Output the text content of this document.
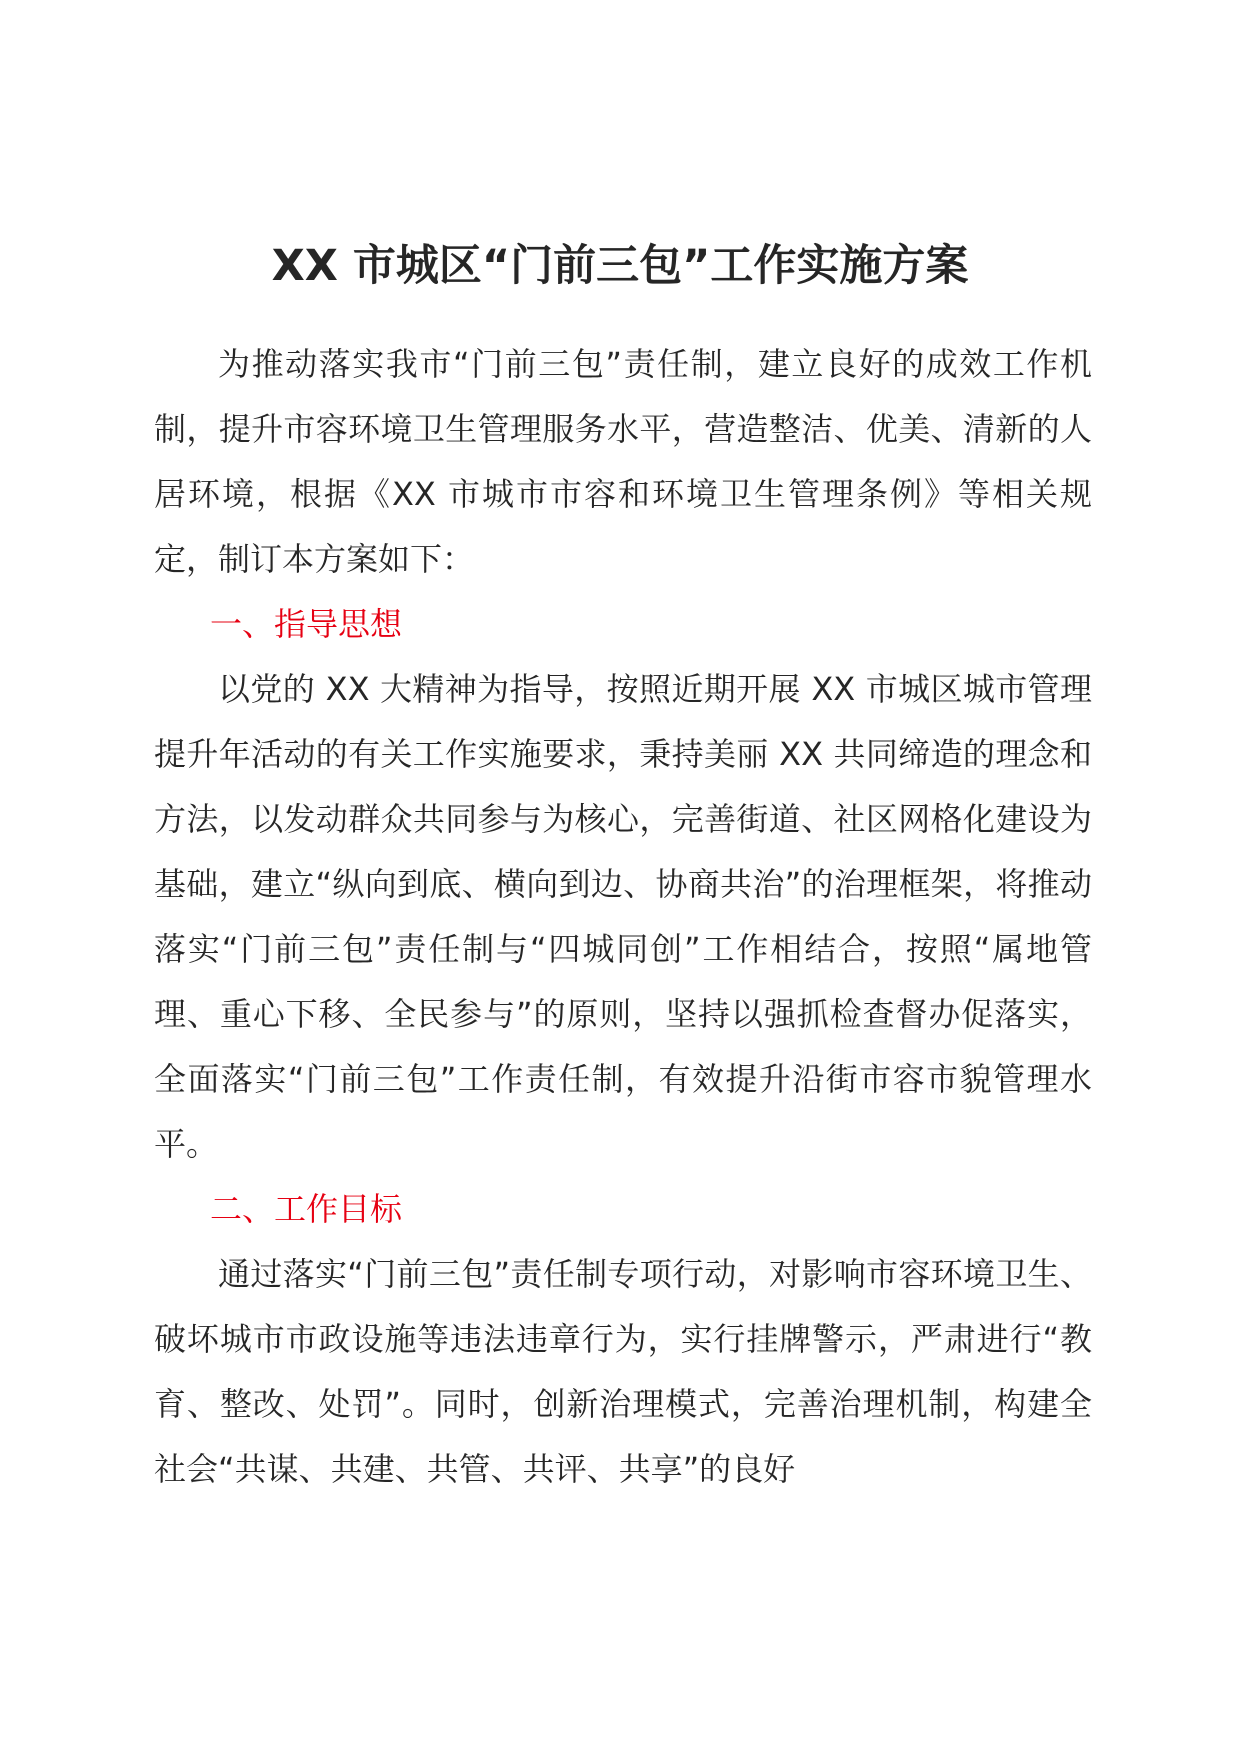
XX 市城区“门前三包”工作实施方案

为推动落实我市“门前三包”责任制，建立良好的成效工作机制，提升市容环境卫生管理服务水平，营造整洁、优美、清新的人居环境，根据《XX 市城市市容和环境卫生管理条例》等相关规定，制订本方案如下：

一、指导思想

以党的 XX 大精神为指导，按照近期开展 XX 市城区城市管理提升年活动的有关工作实施要求，秉持美丽 XX 共同缔造的理念和方法，以发动群众共同参与为核心，完善街道、社区网格化建设为基础，建立“纵向到底、横向到边、协商共治”的治理框架，将推动落实“门前三包”责任制与“四城同创”工作相结合，按照“属地管理、重心下移、全民参与”的原则，坚持以强抓检查督办促落实，全面落实“门前三包”工作责任制，有效提升沿街市容市貌管理水平。

二、工作目标

通过落实“门前三包”责任制专项行动，对影响市容环境卫生、破坏城市市政设施等违法违章行为，实行挂牌警示，严肃进行“教育、整改、处罚”。同时，创新治理模式，完善治理机制，构建全社会“共谋、共建、共管、共评、共享”的良好
